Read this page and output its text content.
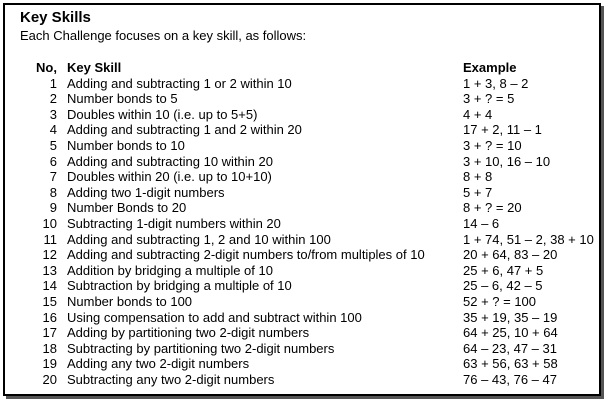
Key Skills
Each Challenge focuses on a key skill, as follows:
No,	Key Skill	Example
1	Adding and subtracting 1 or 2 within 10	1 + 3, 8 – 2
2	Number bonds to 5	3 + ? = 5
3	Doubles within 10 (i.e. up to 5+5)	4 + 4
4	Adding and subtracting 1 and 2 within 20	17 + 2, 11 – 1
5	Number bonds to 10	3 + ? = 10
6	Adding and subtracting 10 within 20	3 + 10, 16 – 10
7	Doubles within 20 (i.e. up to 10+10)	8 + 8
8	Adding two 1-digit numbers	5 + 7
9	Number Bonds to 20	8 + ? = 20
10	Subtracting 1-digit numbers within 20	14 – 6
11	Adding and subtracting 1, 2 and 10 within 100	1 + 74, 51 – 2, 38 + 10
12	Adding and subtracting 2-digit numbers to/from multiples of 10	20 + 64, 83 – 20
13	Addition by bridging a multiple of 10	25 + 6, 47 + 5
14	Subtraction by bridging a multiple of 10	25 – 6, 42 – 5
15	Number bonds to 100	52 + ? = 100
16	Using compensation to add and subtract within 100	35 + 19, 35 – 19
17	Adding by partitioning two 2-digit numbers	64 + 25, 10 + 64
18	Subtracting by partitioning two 2-digit numbers	64 – 23, 47 – 31
19	Adding any two 2-digit numbers	63 + 56, 63 + 58
20	Subtracting any two 2-digit numbers	76 – 43, 76 – 47
